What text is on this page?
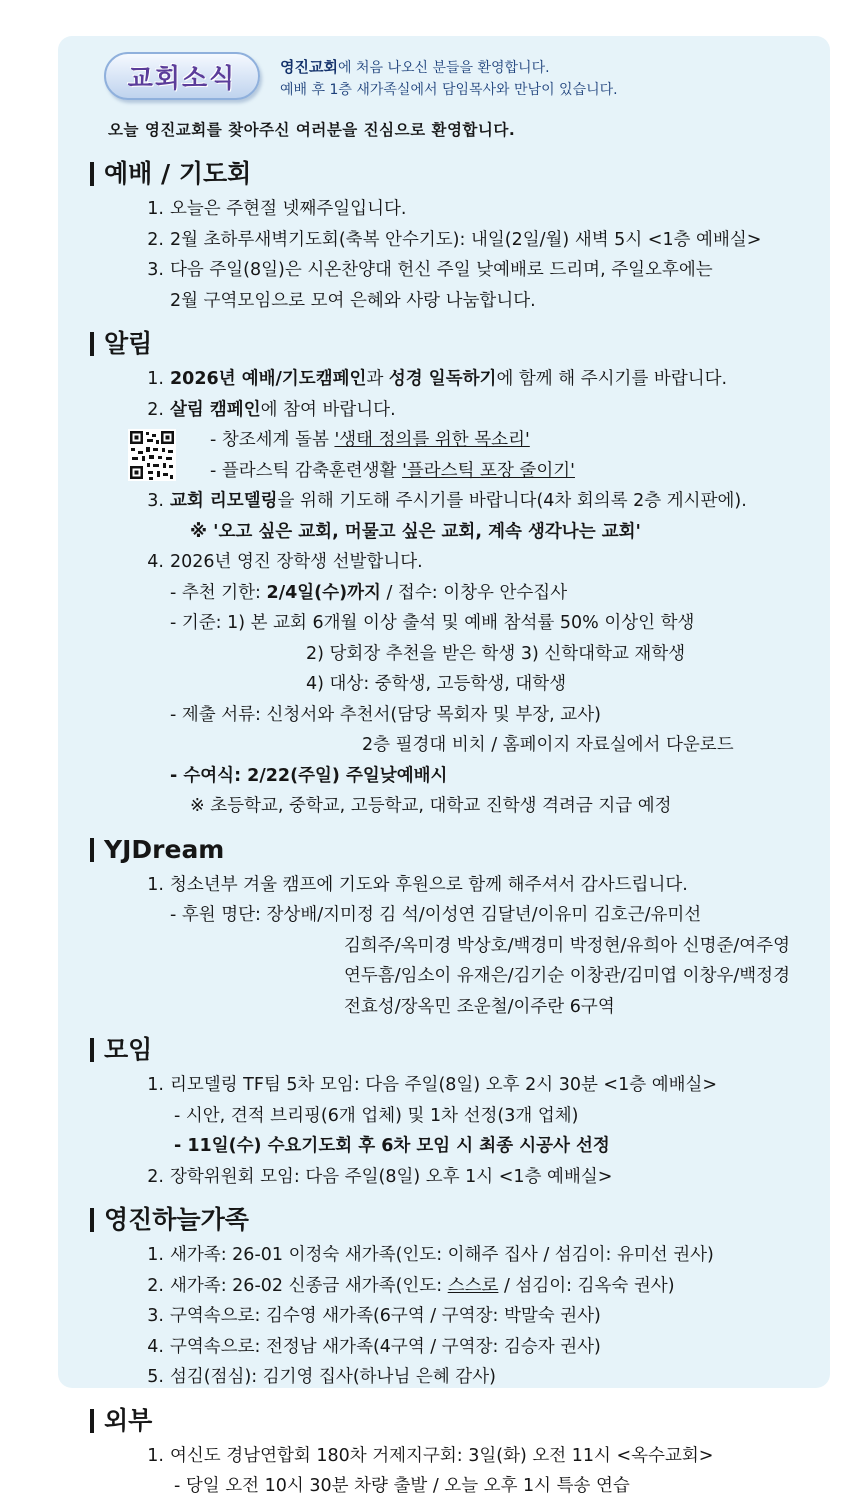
교회소식	영진교회에 처음 나오신 분들을 환영합니다.
예배 후 1층 새가족실에서 담임목사와 만남이 있습니다.
오늘 영진교회를 찾아주신 여러분을 진심으로 환영합니다.
예배 / 기도회
1. 오늘은 주현절 넷째주일입니다.
2. 2월 초하루새벽기도회(축복 안수기도): 내일(2일/월) 새벽 5시 <1층 예배실>
3. 다음 주일(8일)은 시온찬양대 헌신 주일 낮예배로 드리며, 주일오후에는
2월 구역모임으로 모여 은혜와 사랑 나눔합니다.
알림
1. 2026년 예배/기도캠페인과 성경 일독하기에 함께 해 주시기를 바랍니다.
2. 살림 캠페인에 참여 바랍니다.
- 창조세계 돌봄 '생태 정의를 위한 목소리'
- 플라스틱 감축훈련생활 '플라스틱 포장 줄이기'
3. 교회 리모델링을 위해 기도해 주시기를 바랍니다(4차 회의록 2층 게시판에).
※ '오고 싶은 교회, 머물고 싶은 교회, 계속 생각나는 교회'
4. 2026년 영진 장학생 선발합니다.
- 추천 기한: 2/4일(수)까지 / 접수: 이창우 안수집사
- 기준: 1) 본 교회 6개월 이상 출석 및 예배 참석률 50% 이상인 학생
2) 당회장 추천을 받은 학생 3) 신학대학교 재학생
4) 대상: 중학생, 고등학생, 대학생
- 제출 서류: 신청서와 추천서(담당 목회자 및 부장, 교사)
2층 필경대 비치 / 홈페이지 자료실에서 다운로드
- 수여식: 2/22(주일) 주일낮예배시
※ 초등학교, 중학교, 고등학교, 대학교 진학생 격려금 지급 예정
YJDream
1. 청소년부 겨울 캠프에 기도와 후원으로 함께 해주셔서 감사드립니다.
- 후원 명단: 장상배/지미정 김 석/이성연 김달년/이유미 김호근/유미선
김희주/옥미경 박상호/백경미 박정현/유희아 신명준/여주영
연두흠/임소이 유재은/김기순 이창관/김미엽 이창우/백정경
전효성/장옥민 조운철/이주란 6구역
모임
1. 리모델링 TF팀 5차 모임: 다음 주일(8일) 오후 2시 30분 <1층 예배실>
- 시안, 견적 브리핑(6개 업체) 및 1차 선정(3개 업체)
- 11일(수) 수요기도회 후 6차 모임 시 최종 시공사 선정
2. 장학위원회 모임: 다음 주일(8일) 오후 1시 <1층 예배실>
영진하늘가족
1. 새가족: 26-01 이정숙 새가족(인도: 이해주 집사 / 섬김이: 유미선 권사)
2. 새가족: 26-02 신종금 새가족(인도: 스스로 / 섬김이: 김옥숙 권사)
3. 구역속으로: 김수영 새가족(6구역 / 구역장: 박말숙 권사)
4. 구역속으로: 전정남 새가족(4구역 / 구역장: 김승자 권사)
5. 섬김(점심): 김기영 집사(하나님 은혜 감사)
외부
1. 여신도 경남연합회 180차 거제지구회: 3일(화) 오전 11시 <옥수교회>
- 당일 오전 10시 30분 차량 출발 / 오늘 오후 1시 특송 연습
